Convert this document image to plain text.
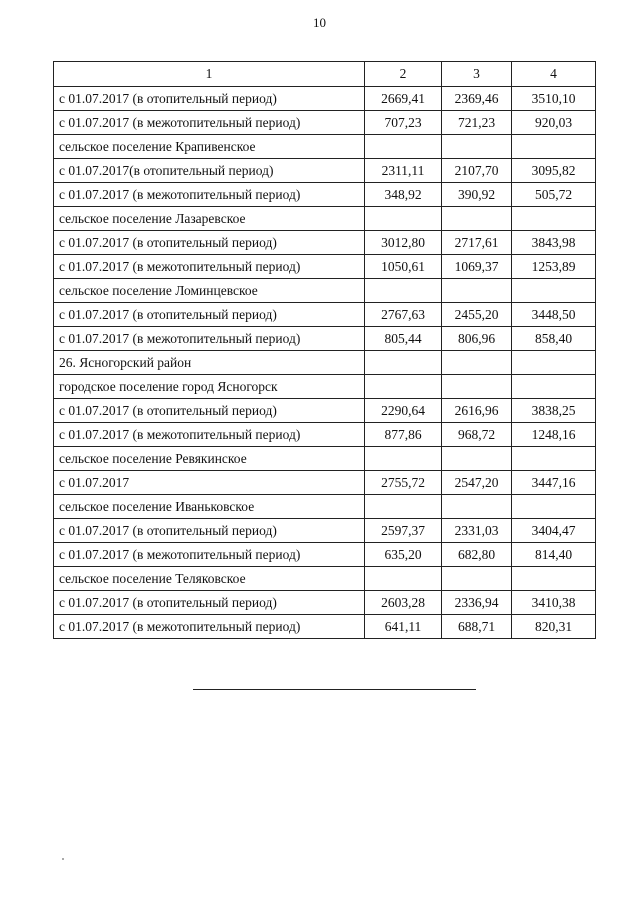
10
1	2	3	4
с 01.07.2017 (в отопительный период)	2669,41	2369,46	3510,10
с 01.07.2017 (в межотопительный период)	707,23	721,23	920,03
сельское поселение Крапивенское			
с 01.07.2017(в отопительный период)	2311,11	2107,70	3095,82
с 01.07.2017 (в межотопительный период)	348,92	390,92	505,72
сельское поселение Лазаревское			
с 01.07.2017 (в отопительный период)	3012,80	2717,61	3843,98
с 01.07.2017 (в межотопительный период)	1050,61	1069,37	1253,89
сельское поселение Ломинцевское			
с 01.07.2017 (в отопительный период)	2767,63	2455,20	3448,50
с 01.07.2017 (в межотопительный период)	805,44	806,96	858,40
26. Ясногорский район			
городское поселение город Ясногорск			
с 01.07.2017 (в отопительный период)	2290,64	2616,96	3838,25
с 01.07.2017 (в межотопительный период)	877,86	968,72	1248,16
сельское поселение Ревякинское			
с 01.07.2017	2755,72	2547,20	3447,16
сельское поселение Иваньковское			
с 01.07.2017 (в отопительный период)	2597,37	2331,03	3404,47
с 01.07.2017 (в межотопительный период)	635,20	682,80	814,40
сельское поселение Теляковское			
с 01.07.2017 (в отопительный период)	2603,28	2336,94	3410,38
с 01.07.2017 (в межотопительный период)	641,11	688,71	820,31
